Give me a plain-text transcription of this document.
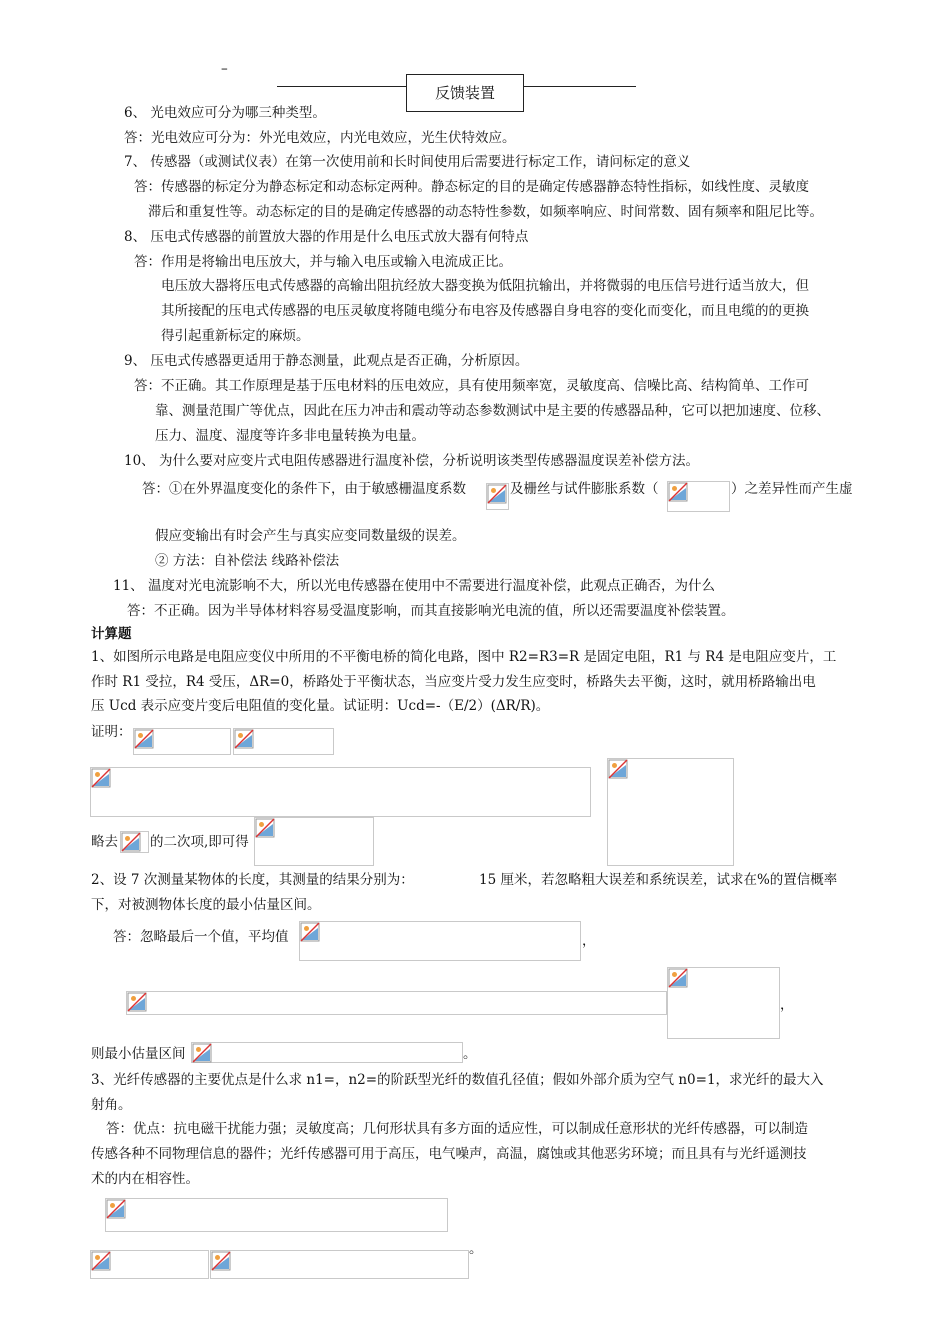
–
反馈装置
6、 光电效应可分为哪三种类型。
答：光电效应可分为：外光电效应，内光电效应，光生伏特效应。
7、 传感器（或测试仪表）在第一次使用前和长时间使用后需要进行标定工作，请问标定的意义
答：传感器的标定分为静态标定和动态标定两种。静态标定的目的是确定传感器静态特性指标，如线性度、灵敏度
滞后和重复性等。动态标定的目的是确定传感器的动态特性参数，如频率响应、时间常数、固有频率和阻尼比等。
8、 压电式传感器的前置放大器的作用是什么电压式放大器有何特点
答：作用是将输出电压放大，并与输入电压或输入电流成正比。
电压放大器将压电式传感器的高输出阻抗经放大器变换为低阻抗输出，并将微弱的电压信号进行适当放大，但
其所接配的压电式传感器的电压灵敏度将随电缆分布电容及传感器自身电容的变化而变化，而且电缆的的更换
得引起重新标定的麻烦。
9、 压电式传感器更适用于静态测量，此观点是否正确，分析原因。
答：不正确。其工作原理是基于压电材料的压电效应，具有使用频率宽，灵敏度高、信噪比高、结构简单、工作可
靠、测量范围广等优点，因此在压力冲击和震动等动态参数测试中是主要的传感器品种，它可以把加速度、位移、
压力、温度、湿度等许多非电量转换为电量。
10、 为什么要对应变片式电阻传感器进行温度补偿，分析说明该类型传感器温度误差补偿方法。
答：①在外界温度变化的条件下，由于敏感栅温度系数	及栅丝与试件膨胀系数（	）之差异性而产生虚
假应变输出有时会产生与真实应变同数量级的误差。
② 方法：自补偿法 线路补偿法
11、 温度对光电流影响不大，所以光电传感器在使用中不需要进行温度补偿，此观点正确否，为什么
答：不正确。因为半导体材料容易受温度影响，而其直接影响光电流的值，所以还需要温度补偿装置。
计算题
1、如图所示电路是电阻应变仪中所用的不平衡电桥的简化电路，图中 R2=R3=R 是固定电阻，R1 与 R4 是电阻应变片，工
作时 R1 受拉，R4 受压，ΔR=0，桥路处于平衡状态，当应变片受力发生应变时，桥路失去平衡，这时，就用桥路输出电
压 Ucd 表示应变片变后电阻值的变化量。试证明：Ucd=-（E/2）(ΔR/R)。
证明：
略去 的二次项,即可得
2、设 7 次测量某物体的长度，其测量的结果分别为：	15 厘米，若忽略粗大误差和系统误差，试求在%的置信概率
下，对被测物体长度的最小估量区间。
答：忽略最后一个值，平均值	，
，
则最小估量区间	。
3、光纤传感器的主要优点是什么求 n1=，n2=的阶跃型光纤的数值孔径值；假如外部介质为空气 n0=1，求光纤的最大入
射角。
答：优点：抗电磁干扰能力强；灵敏度高；几何形状具有多方面的适应性，可以制成任意形状的光纤传感器，可以制造
传感各种不同物理信息的器件；光纤传感器可用于高压，电气噪声，高温，腐蚀或其他恶劣环境；而且具有与光纤遥测技
术的内在相容性。
。
